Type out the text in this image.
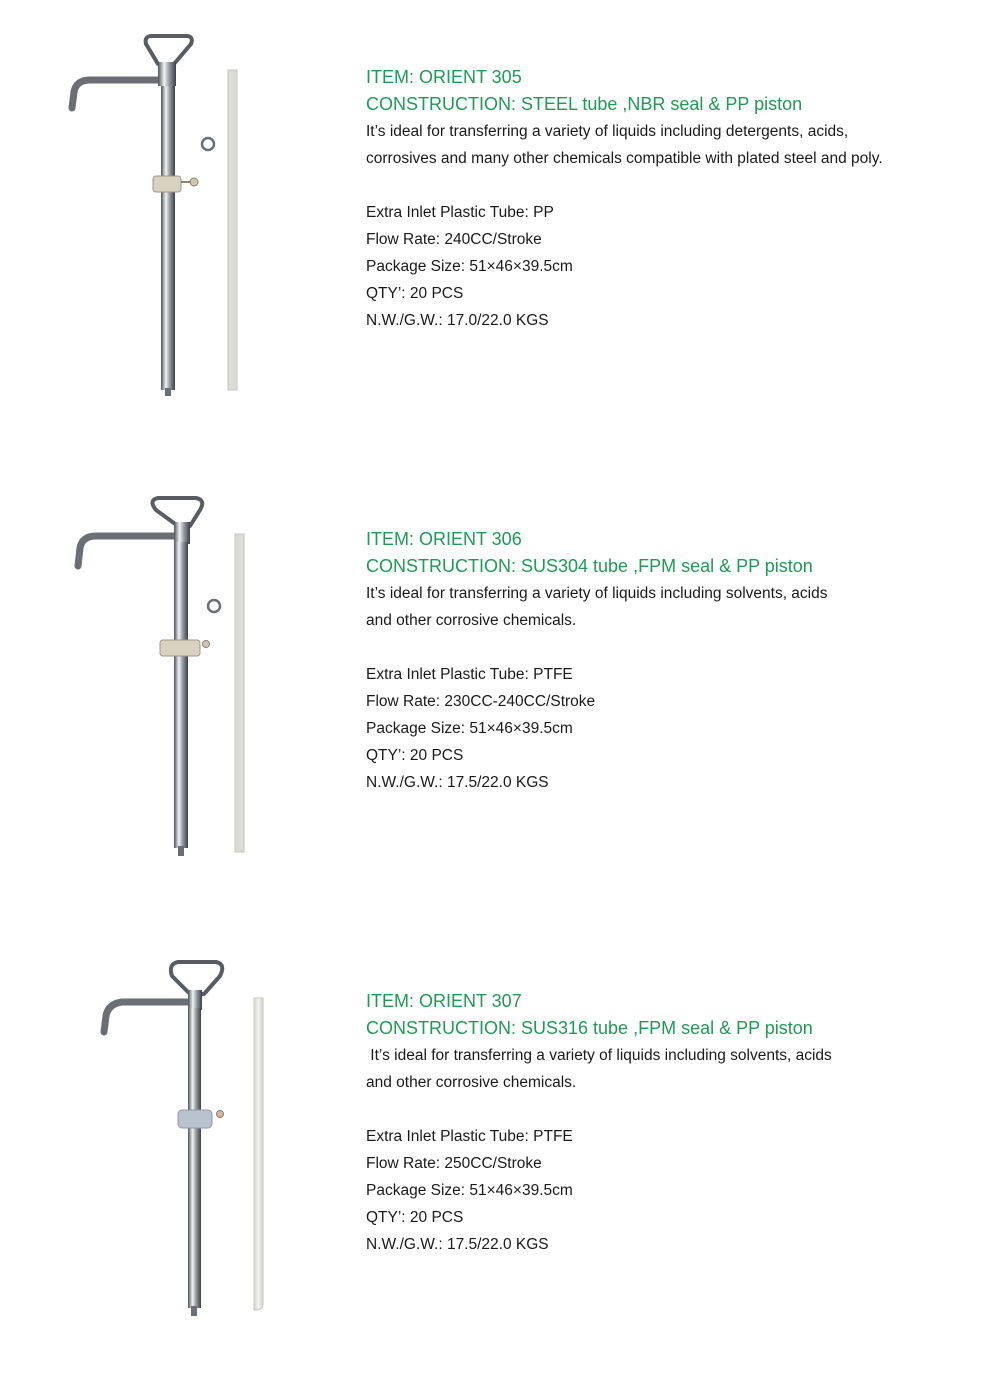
ITEM: ORIENT 305
CONSTRUCTION: STEEL tube ,NBR seal & PP piston
It’s ideal for transferring a variety of liquids including detergents, acids,
corrosives and many other chemicals compatible with plated steel and poly.
Extra Inlet Plastic Tube: PP
Flow Rate: 240CC/Stroke
Package Size: 51×46×39.5cm
QTY’: 20 PCS
N.W./G.W.: 17.0/22.0 KGS
ITEM: ORIENT 306
CONSTRUCTION: SUS304 tube ,FPM seal & PP piston
It’s ideal for transferring a variety of liquids including solvents, acids
and other corrosive chemicals.
Extra Inlet Plastic Tube: PTFE
Flow Rate: 230CC-240CC/Stroke
Package Size: 51×46×39.5cm
QTY’: 20 PCS
N.W./G.W.: 17.5/22.0 KGS
ITEM: ORIENT 307
CONSTRUCTION: SUS316 tube ,FPM seal & PP piston
It’s ideal for transferring a variety of liquids including solvents, acids
and other corrosive chemicals.
Extra Inlet Plastic Tube: PTFE
Flow Rate: 250CC/Stroke
Package Size: 51×46×39.5cm
QTY’: 20 PCS
N.W./G.W.: 17.5/22.0 KGS
